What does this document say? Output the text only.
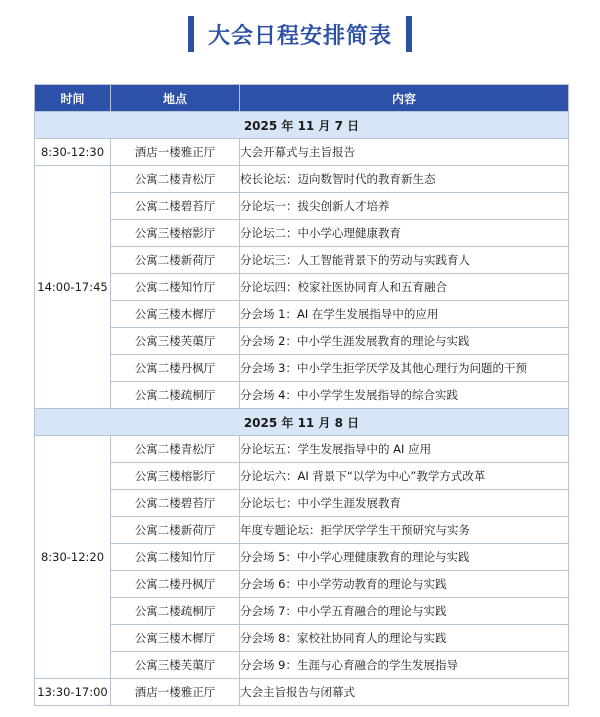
大会日程安排简表
时间	地点	内容
2025 年 11 月 7 日		
8:30-12:30	酒店一楼雅正厅	大会开幕式与主旨报告
14:00-17:45	公寓二楼青松厅	校长论坛：迈向数智时代的教育新生态
	公寓二楼碧苔厅	分论坛一：拔尖创新人才培养
	公寓三楼榕影厅	分论坛二：中小学心理健康教育
	公寓二楼新荷厅	分论坛三：人工智能背景下的劳动与实践育人
	公寓二楼知竹厅	分论坛四：校家社医协同育人和五育融合
	公寓三楼木樨厅	分会场 1：AI 在学生发展指导中的应用
	公寓三楼芙蕖厅	分会场 2：中小学生涯发展教育的理论与实践
	公寓二楼丹枫厅	分会场 3：中小学生拒学厌学及其他心理行为问题的干预
	公寓二楼疏桐厅	分会场 4：中小学学生发展指导的综合实践
2025 年 11 月 8 日		
8:30-12:20	公寓二楼青松厅	分论坛五：学生发展指导中的 AI 应用
	公寓三楼榕影厅	分论坛六：AI 背景下“以学为中心”教学方式改革
	公寓二楼碧苔厅	分论坛七：中小学生涯发展教育
	公寓二楼新荷厅	年度专题论坛：拒学厌学学生干预研究与实务
	公寓二楼知竹厅	分会场 5：中小学心理健康教育的理论与实践
	公寓二楼丹枫厅	分会场 6：中小学劳动教育的理论与实践
	公寓二楼疏桐厅	分会场 7：中小学五育融合的理论与实践
	公寓三楼木樨厅	分会场 8：家校社协同育人的理论与实践
	公寓三楼芙蕖厅	分会场 9：生涯与心育融合的学生发展指导
13:30-17:00	酒店一楼雅正厅	大会主旨报告与闭幕式
